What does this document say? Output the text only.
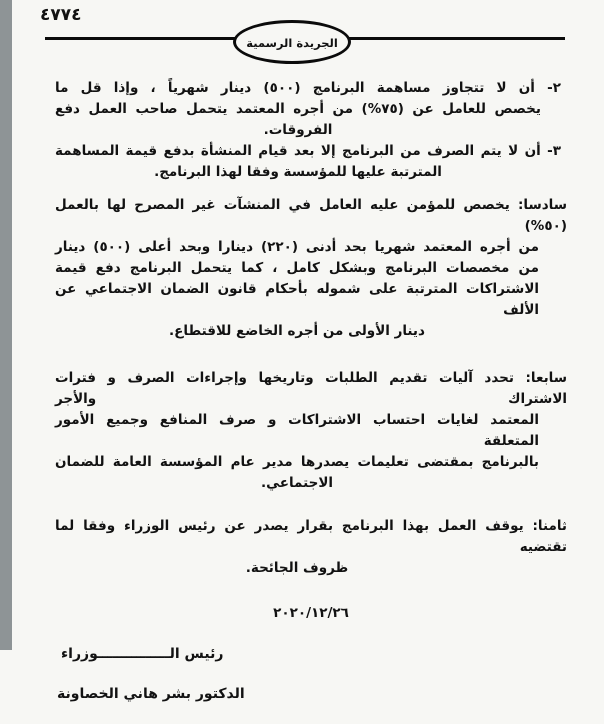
٤٧٧٤
الجريدة الرسمية
٢- أن لا تتجاوز مساهمة البرنامج (٥٠٠) دينار شهرياً ، وإذا قل ما
يخصص للعامل عن (٧٥%) من أجره المعتمد يتحمل صاحب العمل دفع
الفروقات.
٣- أن لا يتم الصرف من البرنامج إلا بعد قيام المنشأة بدفع قيمة المساهمة
المترتبة عليها للمؤسسة وفقا لهذا البرنامج.
سادسا: يخصص للمؤمن عليه العامل في المنشآت غير المصرح لها بالعمل (٥٠%)
من أجره المعتمد شهريا بحد أدنى (٢٢٠) دينارا وبحد أعلى (٥٠٠) دينار
من مخصصات البرنامج وبشكل كامل ، كما يتحمل البرنامج دفع قيمة
الاشتراكات المترتبة على شموله بأحكام قانون الضمان الاجتماعي عن الألف
دينار الأولى من أجره الخاضع للاقتطاع.
سابعا: تحدد آليات تقديم الطلبات وتاريخها وإجراءات الصرف و فترات الاشتراك والأجر
المعتمد لغايات احتساب الاشتراكات و صرف المنافع وجميع الأمور المتعلقة
بالبرنامج بمقتضى تعليمات يصدرها مدير عام المؤسسة العامة للضمان
الاجتماعي.
ثامنا: يوقف العمل بهذا البرنامج بقرار يصدر عن رئيس الوزراء وفقا لما تقتضيه
ظروف الجائحة.
٢٠٢٠/١٢/٢٦
رئيس الـــــــــــــــوزراء
الدكتور بشر هاني الخصاونة
